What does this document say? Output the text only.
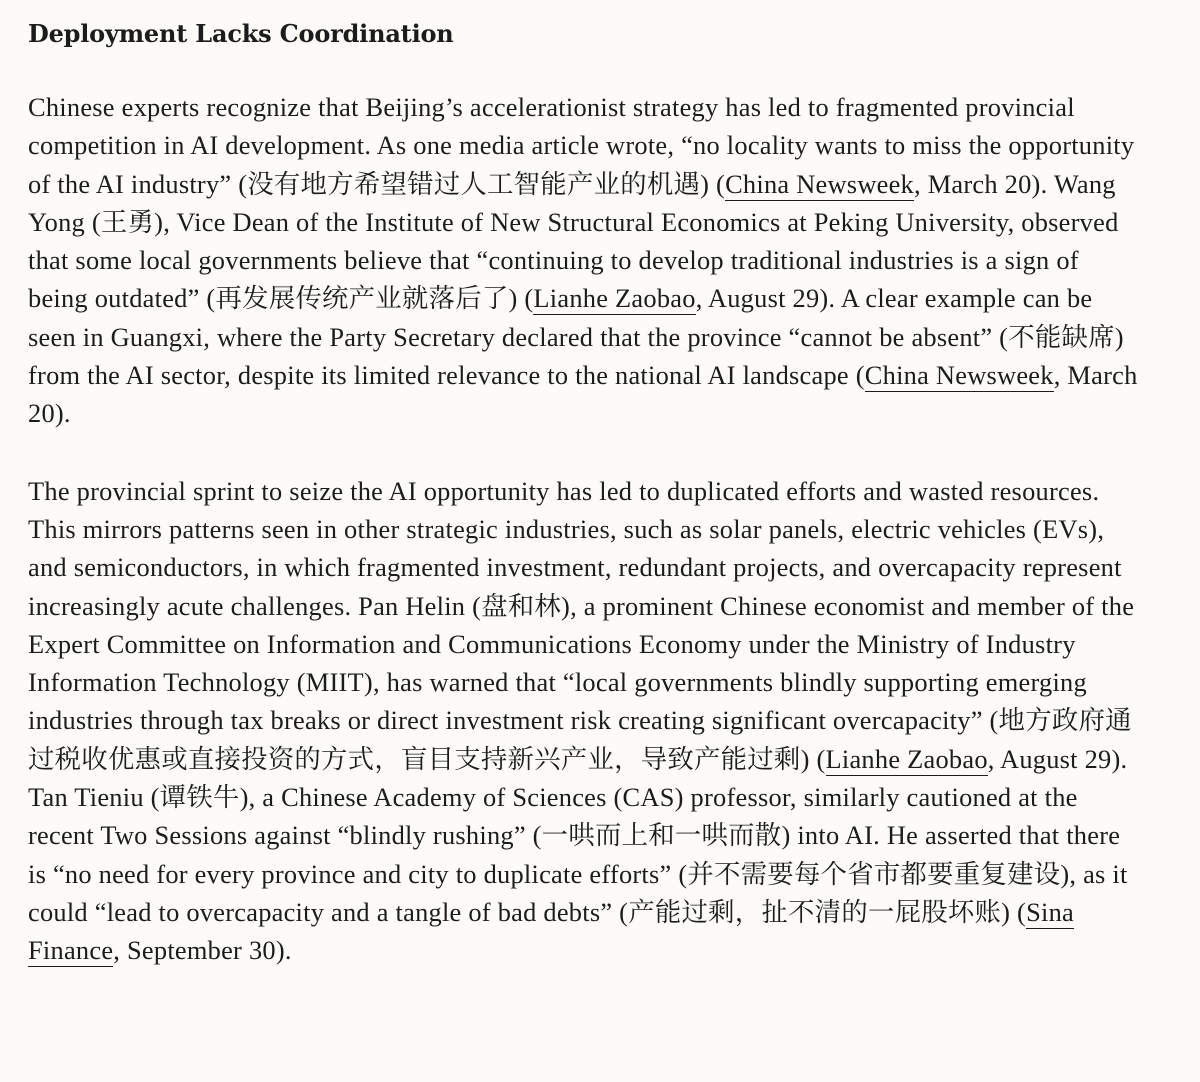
Deployment Lacks Coordination

Chinese experts recognize that Beijing’s accelerationist strategy has led to fragmented provincial competition in AI development. As one media article wrote, “no locality wants to miss the opportunity of the AI industry” (没有地方希望错过人工智能产业的机遇) (China Newsweek, March 20). Wang Yong (王勇), Vice Dean of the Institute of New Structural Economics at Peking University, observed that some local governments believe that “continuing to develop traditional industries is a sign of being outdated” (再发展传统产业就落后了) (Lianhe Zaobao, August 29). A clear example can be seen in Guangxi, where the Party Secretary declared that the province “cannot be absent” (不能缺席) from the AI sector, despite its limited relevance to the national AI landscape (China Newsweek, March 20).

The provincial sprint to seize the AI opportunity has led to duplicated efforts and wasted resources. This mirrors patterns seen in other strategic industries, such as solar panels, electric vehicles (EVs), and semiconductors, in which fragmented investment, redundant projects, and overcapacity represent increasingly acute challenges. Pan Helin (盘和林), a prominent Chinese economist and member of the Expert Committee on Information and Communications Economy under the Ministry of Industry Information Technology (MIIT), has warned that “local governments blindly supporting emerging industries through tax breaks or direct investment risk creating significant overcapacity” (地方政府通过税收优惠或直接投资的方式，盲目支持新兴产业，导致产能过剩) (Lianhe Zaobao, August 29). Tan Tieniu (谭铁牛), a Chinese Academy of Sciences (CAS) professor, similarly cautioned at the recent Two Sessions against “blindly rushing” (一哄而上和一哄而散) into AI. He asserted that there is “no need for every province and city to duplicate efforts” (并不需要每个省市都要重复建设), as it could “lead to overcapacity and a tangle of bad debts” (产能过剩，扯不清的一屁股坏账) (Sina Finance, September 30).
